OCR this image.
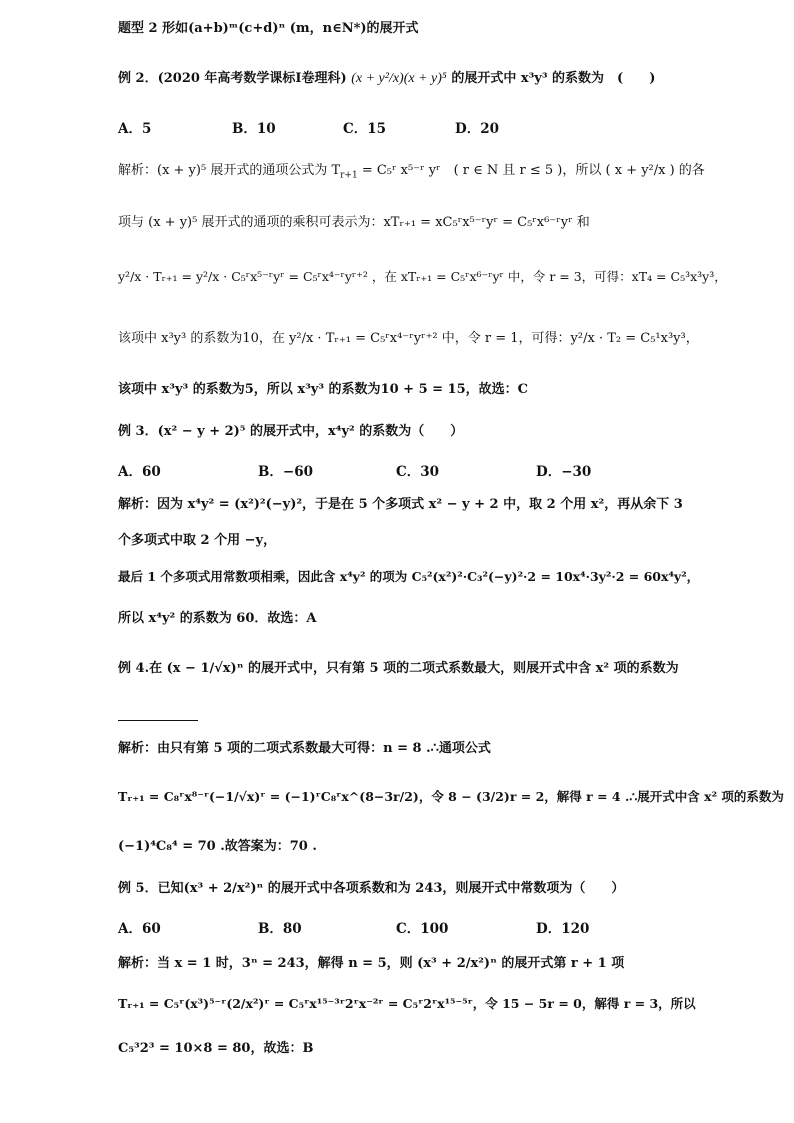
题型 2 形如(a+b)ᵐ(c+d)ⁿ (m，n∈N*)的展开式
例 2．(2020 年高考数学课标Ⅰ卷理科) (x + y²/x)(x + y)⁵ 的展开式中 x³y³ 的系数为　(　　)
A．5	B．10	C．15	D．20
解析：(x + y)⁵ 展开式的通项公式为 $T_{r+1}$ = C₅ʳ x⁵⁻ʳ yʳ　( r ∈ N 且 r ≤ 5 )，所以 ( x + y²/x ) 的各
项与 (x + y)⁵ 展开式的通项的乘积可表示为：xTᵣ₊₁ = xC₅ʳx⁵⁻ʳyʳ = C₅ʳx⁶⁻ʳyʳ 和
y²/x · Tᵣ₊₁ = y²/x · C₅ʳx⁵⁻ʳyʳ = C₅ʳx⁴⁻ʳyʳ⁺² ，在 xTᵣ₊₁ = C₅ʳx⁶⁻ʳyʳ 中，令 r = 3，可得：xT₄ = C₅³x³y³，
该项中 x³y³ 的系数为10，在 y²/x · Tᵣ₊₁ = C₅ʳx⁴⁻ʳyʳ⁺² 中，令 r = 1，可得：y²/x · T₂ = C₅¹x³y³，
该项中 x³y³ 的系数为5，所以 x³y³ 的系数为10 + 5 = 15，故选：C
例 3．(x² − y + 2)⁵ 的展开式中，x⁴y² 的系数为（　　）
A．60	B．−60	C．30	D．−30
解析：因为 x⁴y² = (x²)²(−y)²，于是在 5 个多项式 x² − y + 2 中，取 2 个用 x²，再从余下 3
个多项式中取 2 个用 −y，
最后 1 个多项式用常数项相乘，因此含 x⁴y² 的项为 C₅²(x²)²·C₃²(−y)²·2 = 10x⁴·3y²·2 = 60x⁴y²，
所以 x⁴y² 的系数为 60．故选：A
例 4.在 (x − 1/√x)ⁿ 的展开式中，只有第 5 项的二项式系数最大，则展开式中含 x² 项的系数为
解析：由只有第 5 项的二项式系数最大可得：n = 8 .∴通项公式
Tᵣ₊₁ = C₈ʳx⁸⁻ʳ(−1/√x)ʳ = (−1)ʳC₈ʳx^(8−3r/2)，令 8 − (3/2)r = 2，解得 r = 4 .∴展开式中含 x² 项的系数为
(−1)⁴C₈⁴ = 70 .故答案为：70 .
例 5．已知(x³ + 2/x²)ⁿ 的展开式中各项系数和为 243，则展开式中常数项为（　　）
A．60	B．80	C．100	D．120
解析：当 x = 1 时，3ⁿ = 243，解得 n = 5，则 (x³ + 2/x²)ⁿ 的展开式第 r + 1 项
Tᵣ₊₁ = C₅ʳ(x³)⁵⁻ʳ(2/x²)ʳ = C₅ʳx¹⁵⁻³ʳ2ʳx⁻²ʳ = C₅ʳ2ʳx¹⁵⁻⁵ʳ，令 15 − 5r = 0，解得 r = 3，所以
C₅³2³ = 10×8 = 80，故选：B
